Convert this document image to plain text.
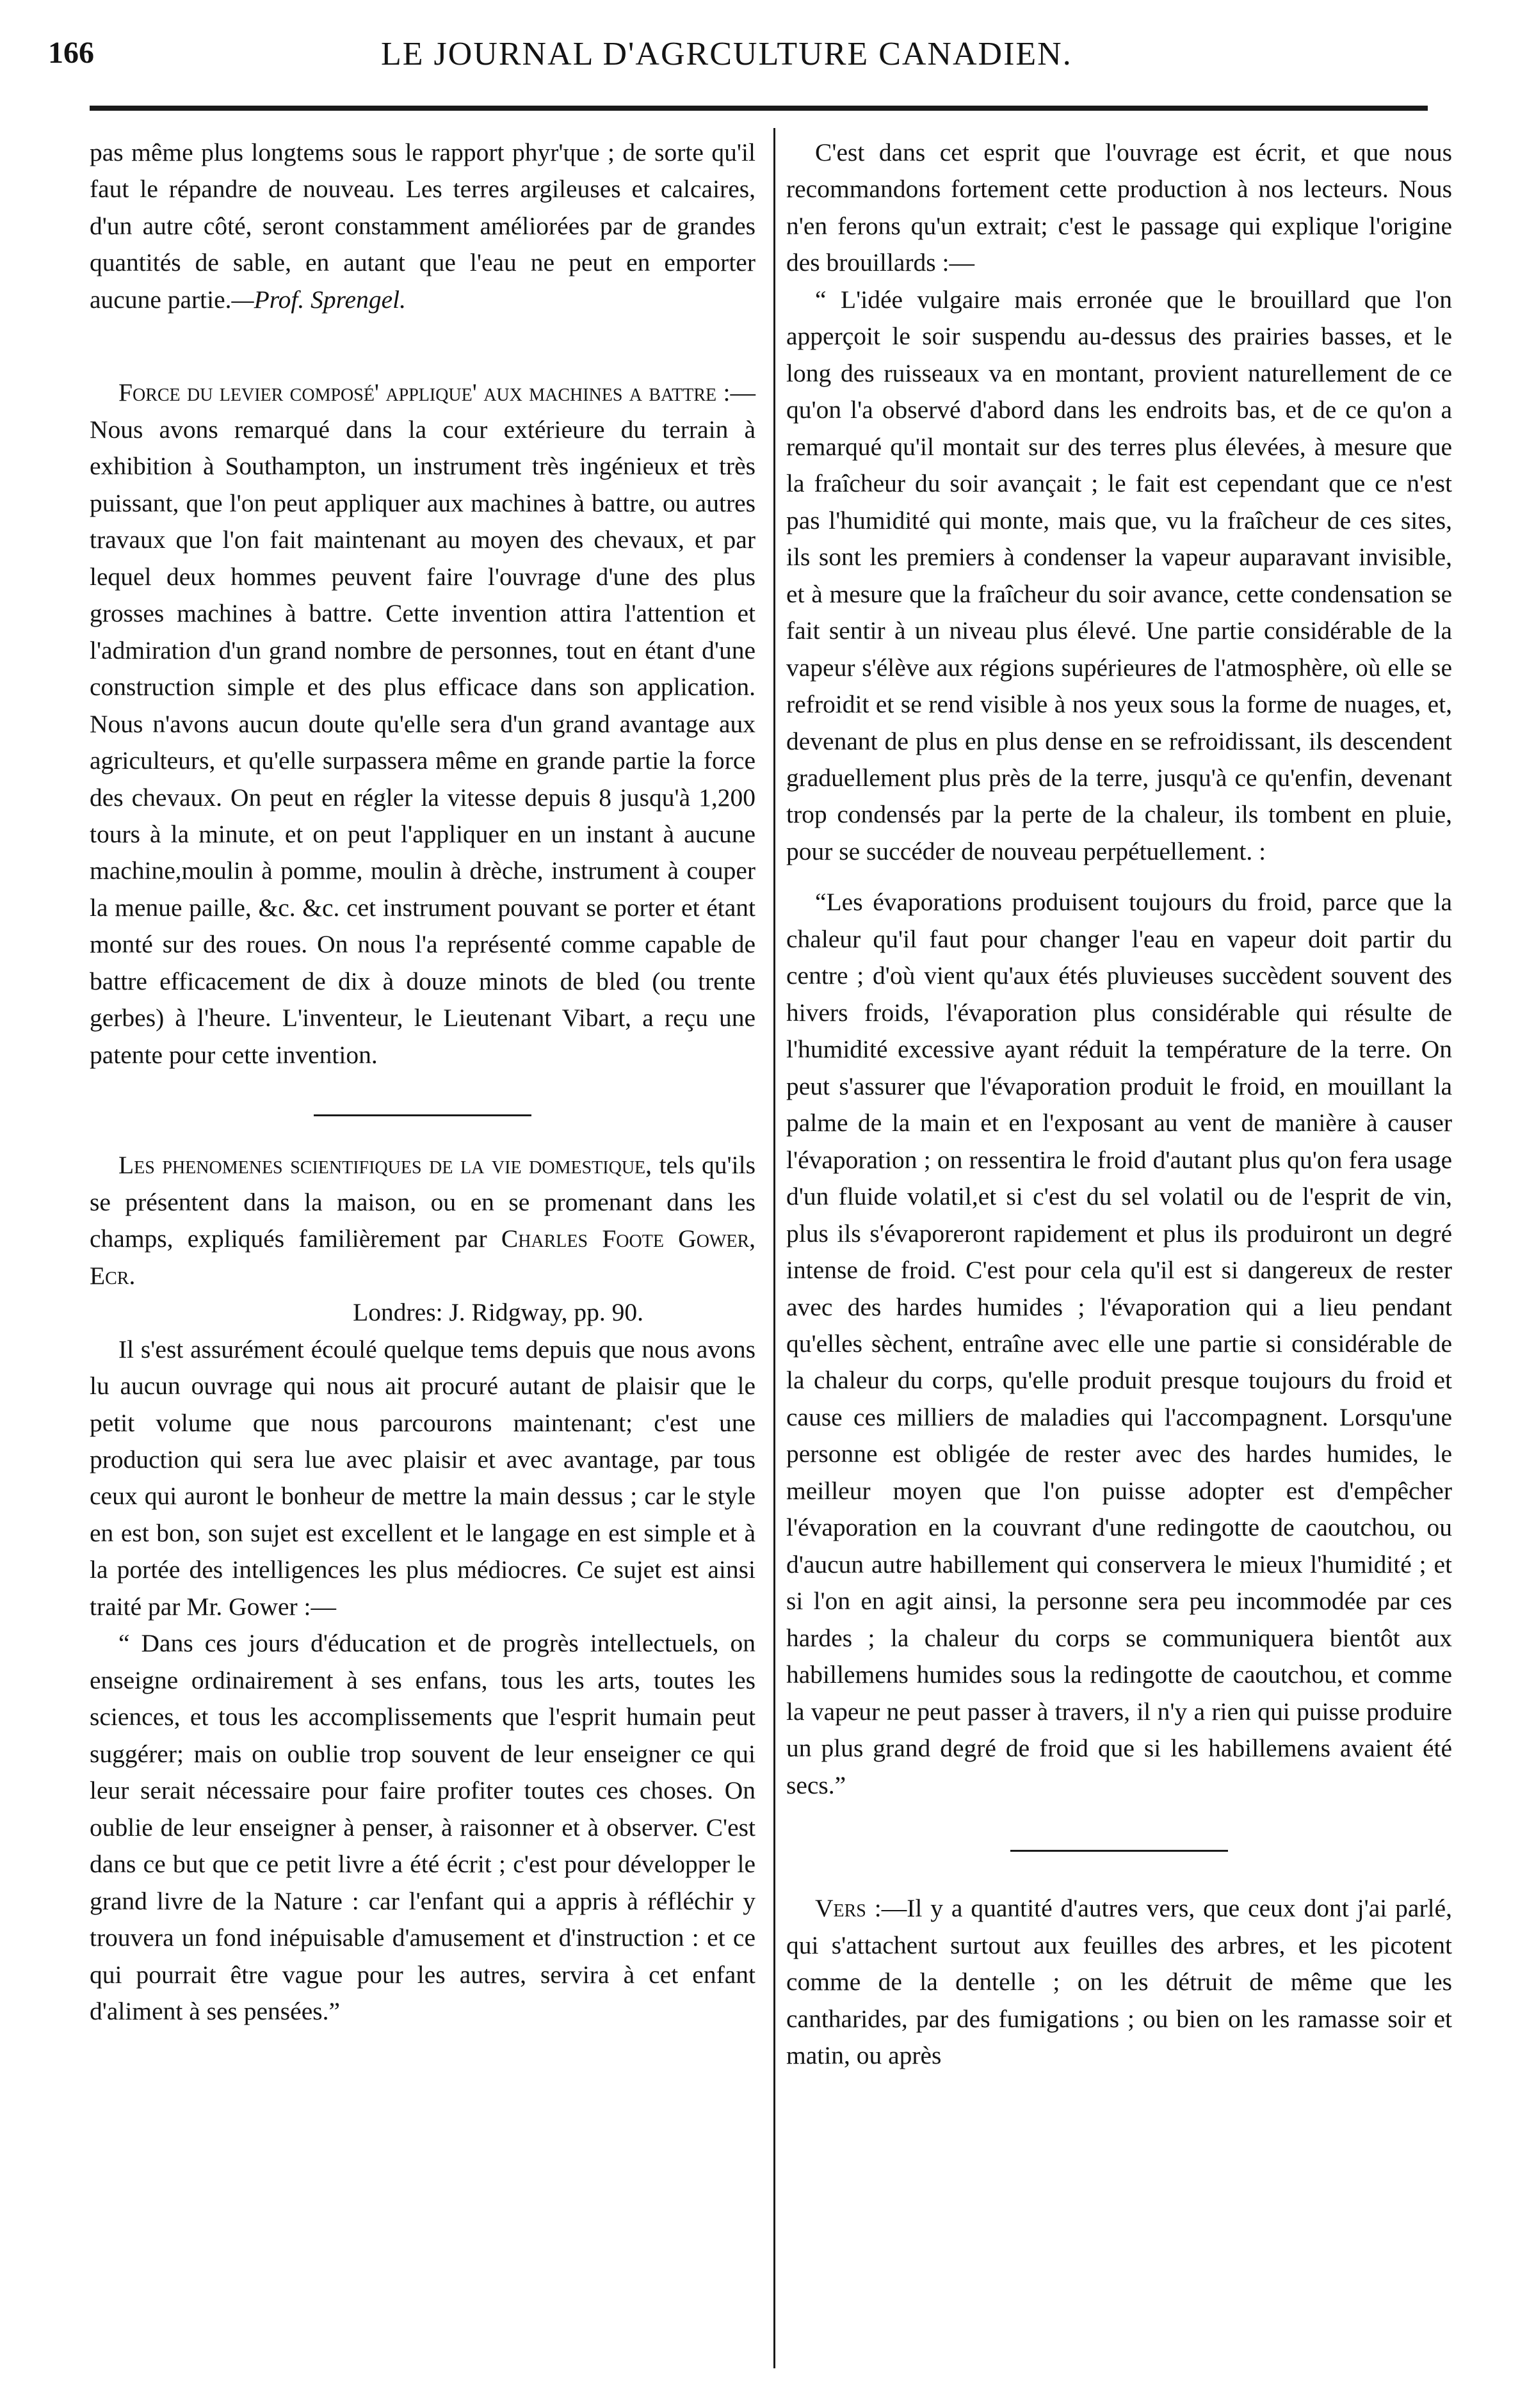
166	LE JOURNAL D'AGRCULTURE CANADIEN.

pas même plus longtems sous le rapport phyr'ɥue ; de sorte qu'il faut le répandre de nouveau. Les terres argileuses et calcaires, d'un autre côté, seront constamment améliorées par de grandes quantités de sable, en autant que l'eau ne peut en emporter aucune partie.—Prof. Sprengel.

Force du levier composé' applique' aux machines a battre :—Nous avons remarqué dans la cour extérieure du terrain à exhibition à Southampton, un instrument très ingénieux et très puissant, que l'on peut appliquer aux machines à battre, ou autres travaux que l'on fait maintenant au moyen des chevaux, et par lequel deux hommes peuvent faire l'ouvrage d'une des plus grosses machines à battre. Cette invention attira l'attention et l'admiration d'un grand nombre de personnes, tout en étant d'une construction simple et des plus efficace dans son application. Nous n'avons aucun doute qu'elle sera d'un grand avantage aux agriculteurs, et qu'elle surpassera même en grande partie la force des chevaux. On peut en régler la vitesse depuis 8 jusqu'à 1,200 tours à la minute, et on peut l'appliquer en un instant à aucune machine,moulin à pomme, moulin à drèche, instrument à couper la menue paille, &c. &c. cet instrument pouvant se porter et étant monté sur des roues. On nous l'a représenté comme capable de battre efficacement de dix à douze minots de bled (ou trente gerbes) à l'heure. L'inventeur, le Lieutenant Vibart, a reçu une patente pour cette invention.

Les phenomenes scientifiques de la vie domestique, tels qu'ils se présentent dans la maison, ou en se promenant dans les champs, expliqués familièrement par Charles Foote Gower, Ecr.

Londres: J. Ridgway, pp. 90.

Il s'est assurément écoulé quelque tems depuis que nous avons lu aucun ouvrage qui nous ait procuré autant de plaisir que le petit volume que nous parcourons maintenant; c'est une production qui sera lue avec plaisir et avec avantage, par tous ceux qui auront le bonheur de mettre la main dessus ; car le style en est bon, son sujet est excellent et le langage en est simple et à la portée des intelligences les plus médiocres. Ce sujet est ainsi traité par Mr. Gower :—

“ Dans ces jours d'éducation et de progrès intellectuels, on enseigne ordinairement à ses enfans, tous les arts, toutes les sciences, et tous les accomplissements que l'esprit humain peut suggérer; mais on oublie trop souvent de leur enseigner ce qui leur serait nécessaire pour faire profiter toutes ces choses. On oublie de leur enseigner à penser, à raisonner et à observer. C'est dans ce but que ce petit livre a été écrit ; c'est pour développer le grand livre de la Nature : car l'enfant qui a appris à réfléchir y trouvera un fond inépuisable d'amusement et d'instruction : et ce qui pourrait être vague pour les autres, servira à cet enfant d'aliment à ses pensées.”

C'est dans cet esprit que l'ouvrage est écrit, et que nous recommandons fortement cette production à nos lecteurs. Nous n'en ferons qu'un extrait; c'est le passage qui explique l'origine des brouillards :—

“ L'idée vulgaire mais erronée que le brouillard que l'on apperçoit le soir suspendu au-dessus des prairies basses, et le long des ruisseaux va en montant, provient naturellement de ce qu'on l'a observé d'abord dans les endroits bas, et de ce qu'on a remarqué qu'il montait sur des terres plus élevées, à mesure que la fraîcheur du soir avançait ; le fait est cependant que ce n'est pas l'humidité qui monte, mais que, vu la fraîcheur de ces sites, ils sont les premiers à condenser la vapeur auparavant invisible, et à mesure que la fraîcheur du soir avance, cette condensation se fait sentir à un niveau plus élevé. Une partie considérable de la vapeur s'élève aux régions supérieures de l'atmosphère, où elle se refroidit et se rend visible à nos yeux sous la forme de nuages, et, devenant de plus en plus dense en se refroidissant, ils descendent graduellement plus près de la terre, jusqu'à ce qu'enfin, devenant trop condensés par la perte de la chaleur, ils tombent en pluie, pour se succéder de nouveau perpétuellement. :

“Les évaporations produisent toujours du froid, parce que la chaleur qu'il faut pour changer l'eau en vapeur doit partir du centre ; d'où vient qu'aux étés pluvieuses succèdent souvent des hivers froids, l'évaporation plus considérable qui résulte de l'humidité excessive ayant réduit la température de la terre. On peut s'assurer que l'évaporation produit le froid, en mouillant la palme de la main et en l'exposant au vent de manière à causer l'évaporation ; on ressentira le froid d'autant plus qu'on fera usage d'un fluide volatil,et si c'est du sel volatil ou de l'esprit de vin, plus ils s'évaporeront rapidement et plus ils produiront un degré intense de froid. C'est pour cela qu'il est si dangereux de rester avec des hardes humides ; l'évaporation qui a lieu pendant qu'elles sèchent, entraîne avec elle une partie si considérable de la chaleur du corps, qu'elle produit presque toujours du froid et cause ces milliers de maladies qui l'accompagnent. Lorsqu'une personne est obligée de rester avec des hardes humides, le meilleur moyen que l'on puisse adopter est d'empêcher l'évaporation en la couvrant d'une redingotte de caoutchou, ou d'aucun autre habillement qui conservera le mieux l'humidité ; et si l'on en agit ainsi, la personne sera peu incommodée par ces hardes ; la chaleur du corps se communiquera bientôt aux habillemens humides sous la redingotte de caoutchou, et comme la vapeur ne peut passer à travers, il n'y a rien qui puisse produire un plus grand degré de froid que si les habillemens avaient été secs.”

Vers :—Il y a quantité d'autres vers, que ceux dont j'ai parlé, qui s'attachent surtout aux feuilles des arbres, et les picotent comme de la dentelle ; on les détruit de même que les cantharides, par des fumigations ; ou bien on les ramasse soir et matin, ou après
